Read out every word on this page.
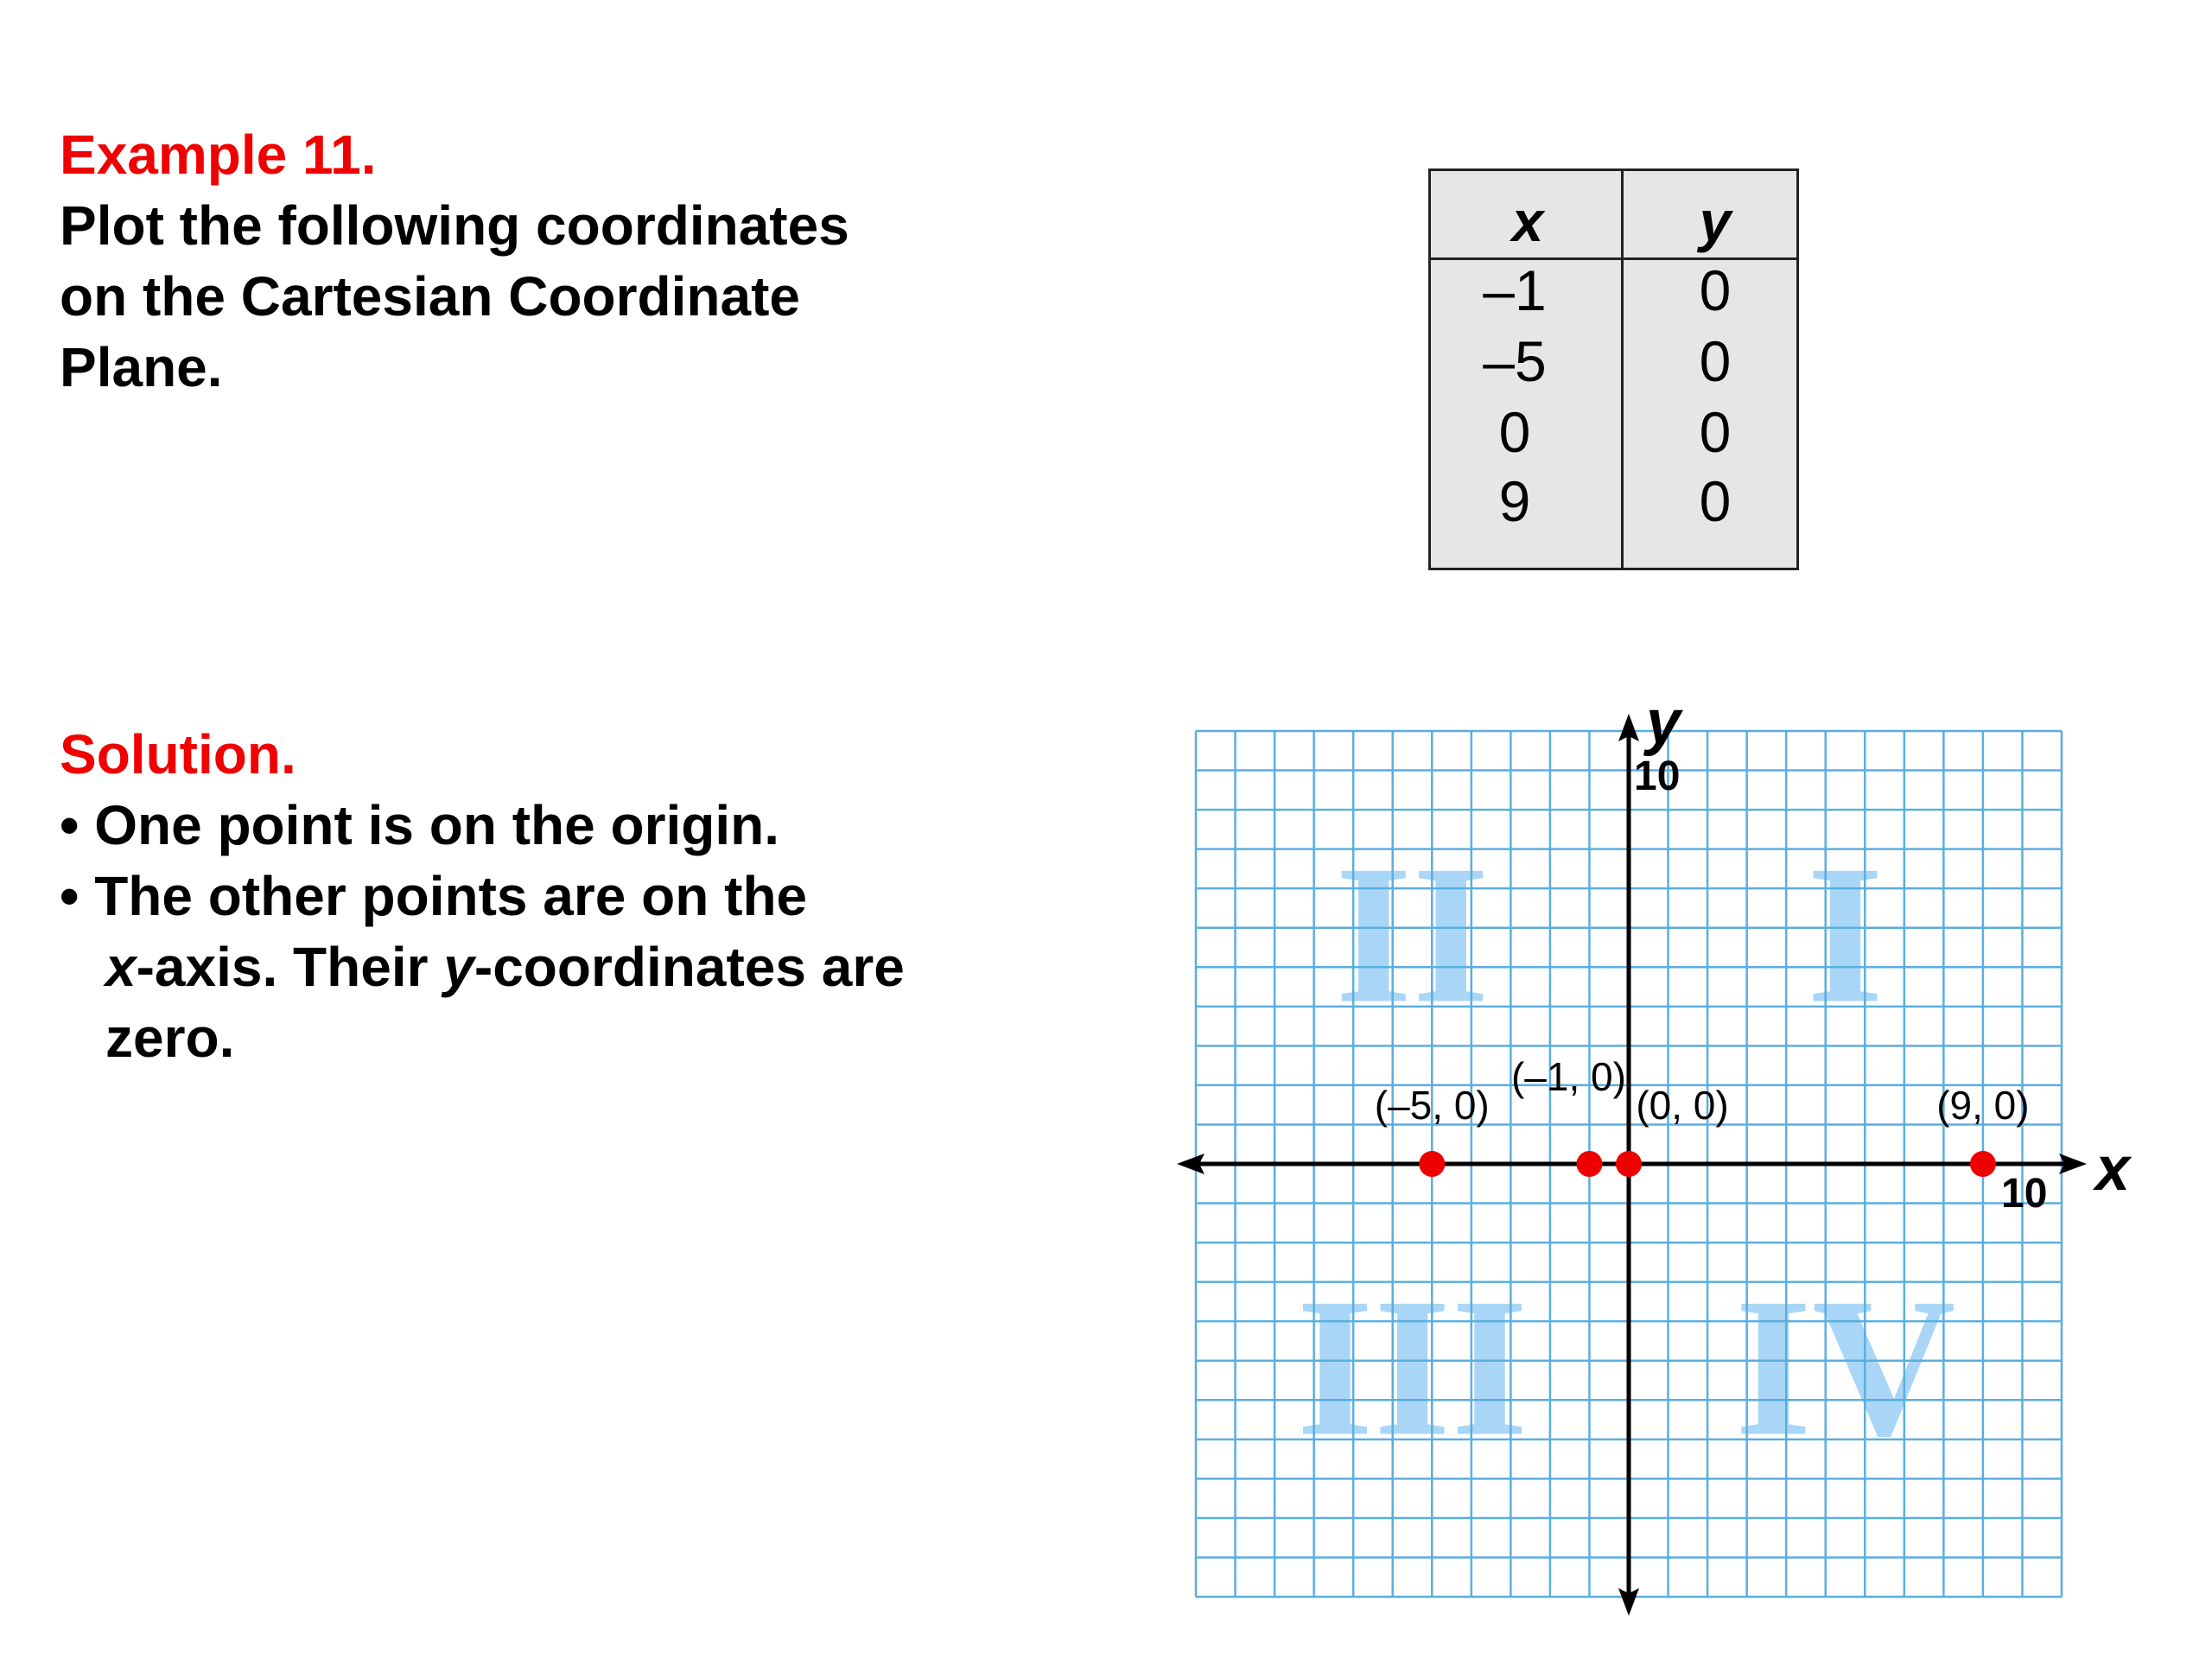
Example 11.
Plot the following coordinates
on the Cartesian Coordinate
Plane.
x	y
–1	0
–5	0
0	0
9	0
Solution.
• One point is on the origin.
• The other points are on the
x-axis. Their y-coordinates are
zero.	I
II
III IV
x
y
10
10
(–5, 0)
(–1, 0)
(0, 0)	(9, 0)
